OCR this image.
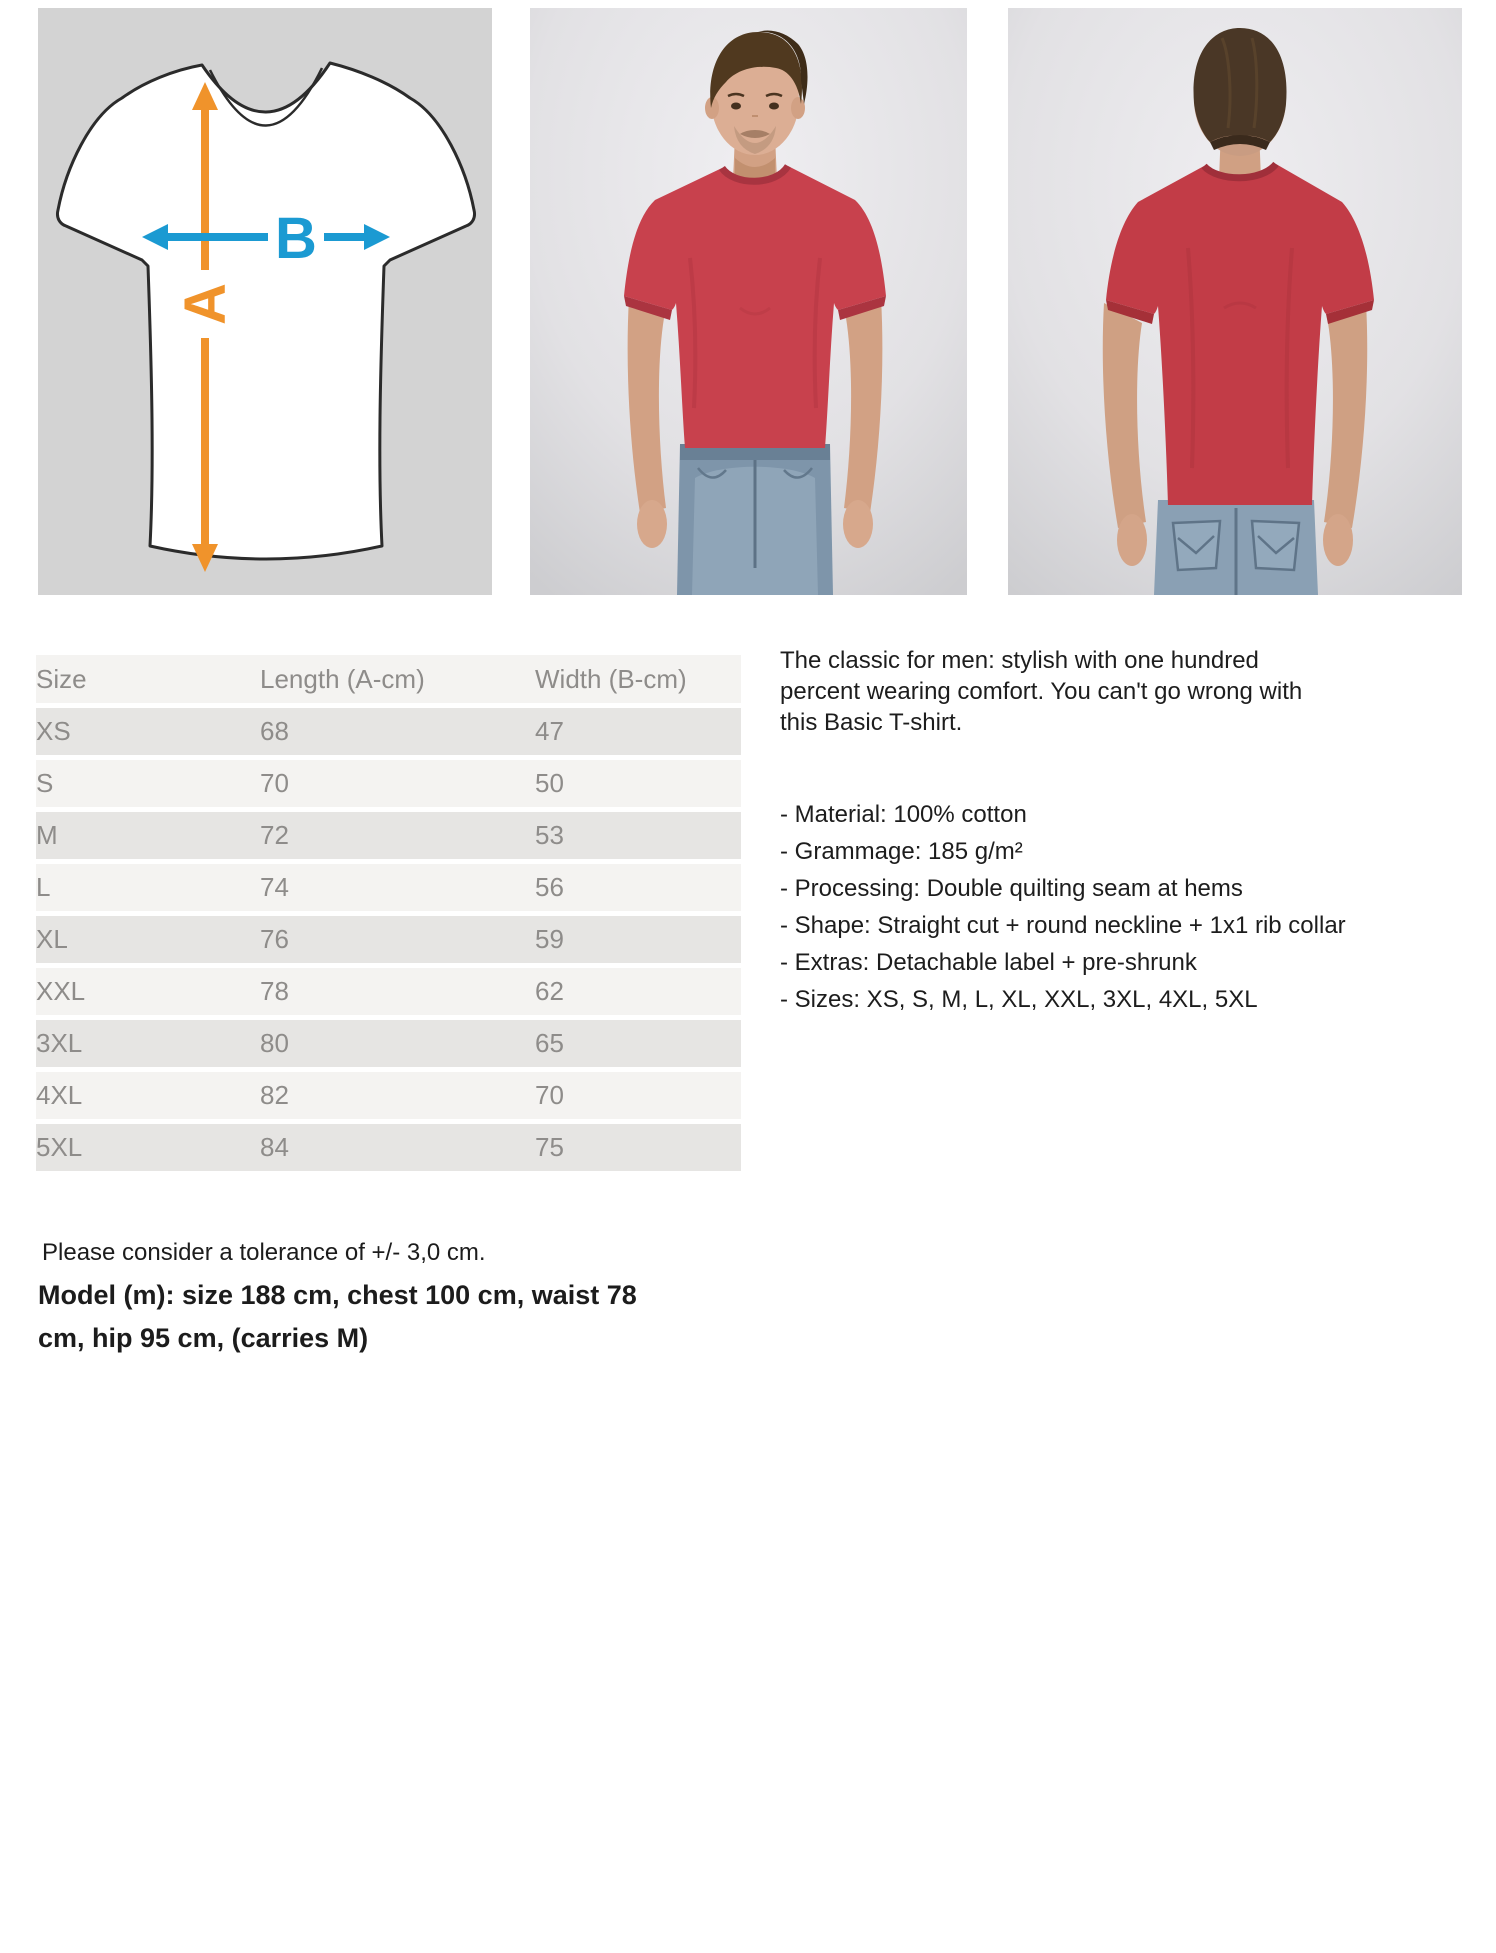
A
B
Size	Length (A-cm)	Width (B-cm)
XS	68	47
S	70	50
M	72	53
L	74	56
XL	76	59
XXL	78	62
3XL	80	65
4XL	82	70
5XL	84	75

The classic for men: stylish with one hundred percent wearing comfort. You can't go wrong with this Basic T-shirt.

- Material: 100% cotton
- Grammage: 185 g/m²
- Processing: Double quilting seam at hems
- Shape: Straight cut + round neckline + 1x1 rib collar
- Extras: Detachable label + pre-shrunk
- Sizes: XS, S, M, L, XL, XXL, 3XL, 4XL, 5XL
Please consider a tolerance of +/- 3,0 cm.
Model (m): size 188 cm, chest 100 cm, waist 78
cm, hip 95 cm, (carries M)
